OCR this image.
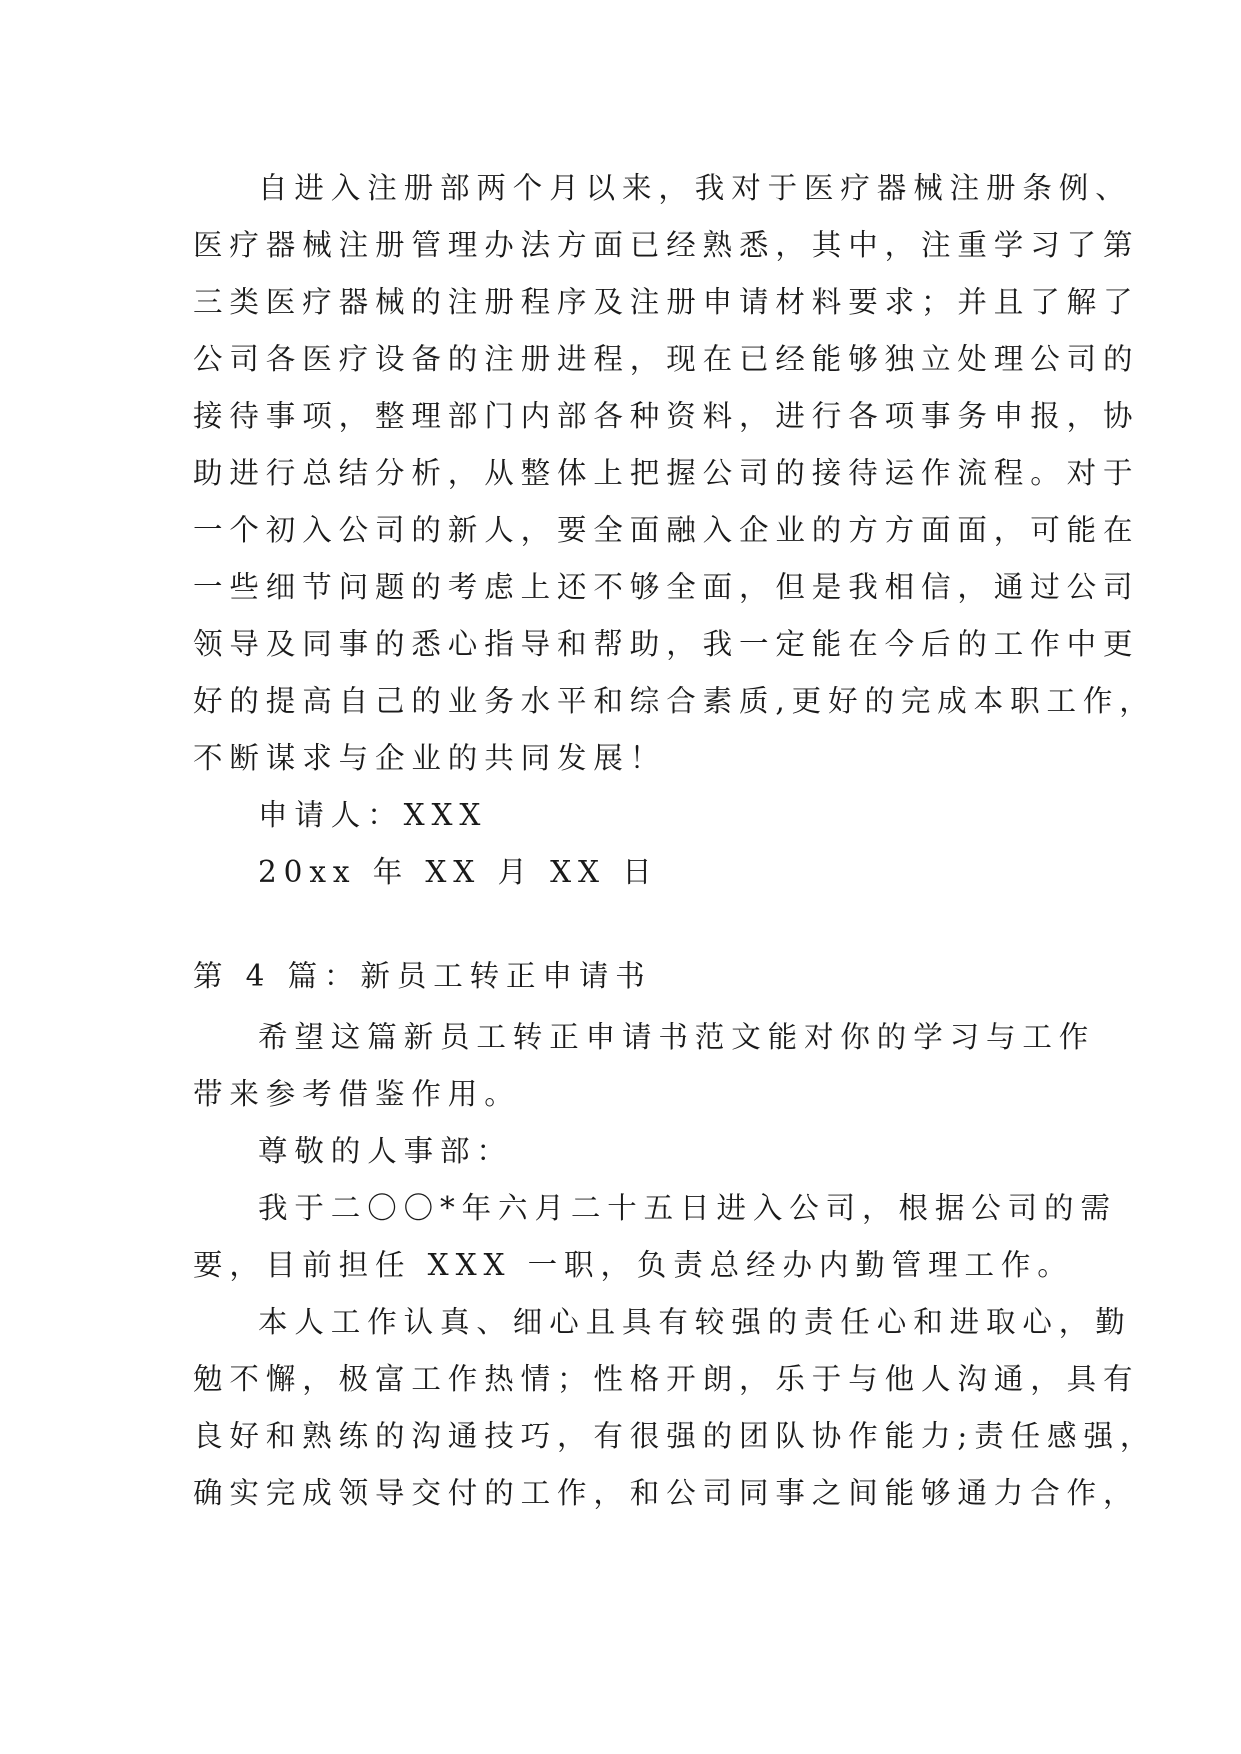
自进入注册部两个月以来，我对于医疗器械注册条例、
医疗器械注册管理办法方面已经熟悉，其中，注重学习了第
三类医疗器械的注册程序及注册申请材料要求；并且了解了
公司各医疗设备的注册进程，现在已经能够独立处理公司的
接待事项，整理部门内部各种资料，进行各项事务申报，协
助进行总结分析，从整体上把握公司的接待运作流程。对于
一个初入公司的新人，要全面融入企业的方方面面，可能在
一些细节问题的考虑上还不够全面，但是我相信，通过公司
领导及同事的悉心指导和帮助，我一定能在今后的工作中更
好的提高自己的业务水平和综合素质,更好的完成本职工作，
不断谋求与企业的共同发展！
申请人：XXX
20xx 年 XX 月 XX 日
第 4 篇：新员工转正申请书
希望这篇新员工转正申请书范文能对你的学习与工作
带来参考借鉴作用。
尊敬的人事部：
我于二〇〇*年六月二十五日进入公司，根据公司的需
要，目前担任 XXX 一职，负责总经办内勤管理工作。
本人工作认真、细心且具有较强的责任心和进取心，勤
勉不懈，极富工作热情；性格开朗，乐于与他人沟通，具有
良好和熟练的沟通技巧，有很强的团队协作能力;责任感强，
确实完成领导交付的工作，和公司同事之间能够通力合作，
